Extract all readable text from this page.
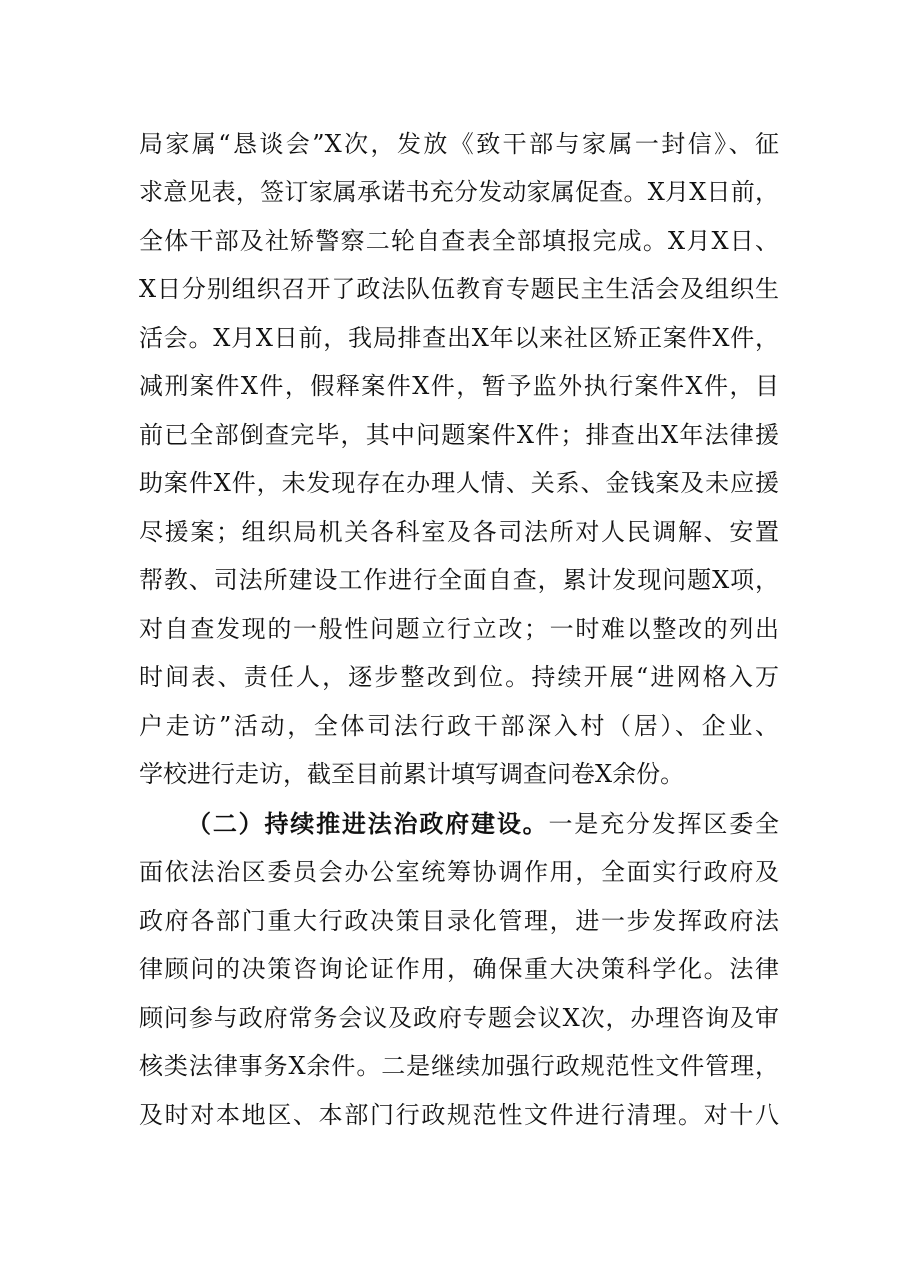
局家属“恳谈会”X次，发放《致干部与家属一封信》、征
求意见表，签订家属承诺书充分发动家属促查。X月X日前，
全体干部及社矫警察二轮自查表全部填报完成。X月X日、
X日分别组织召开了政法队伍教育专题民主生活会及组织生
活会。X月X日前，我局排查出X年以来社区矫正案件X件，
减刑案件X件，假释案件X件，暂予监外执行案件X件，目
前已全部倒查完毕，其中问题案件X件；排查出X年法律援
助案件X件，未发现存在办理人情、关系、金钱案及未应援
尽援案；组织局机关各科室及各司法所对人民调解、安置
帮教、司法所建设工作进行全面自查，累计发现问题X项，
对自查发现的一般性问题立行立改；一时难以整改的列出
时间表、责任人，逐步整改到位。持续开展“进网格入万
户走访”活动，全体司法行政干部深入村（居）、企业、
学校进行走访，截至目前累计填写调查问卷X余份。
（二）持续推进法治政府建设。一是充分发挥区委全
面依法治区委员会办公室统筹协调作用，全面实行政府及
政府各部门重大行政决策目录化管理，进一步发挥政府法
律顾问的决策咨询论证作用，确保重大决策科学化。法律
顾问参与政府常务会议及政府专题会议X次，办理咨询及审
核类法律事务X余件。二是继续加强行政规范性文件管理，
及时对本地区、本部门行政规范性文件进行清理。对十八
